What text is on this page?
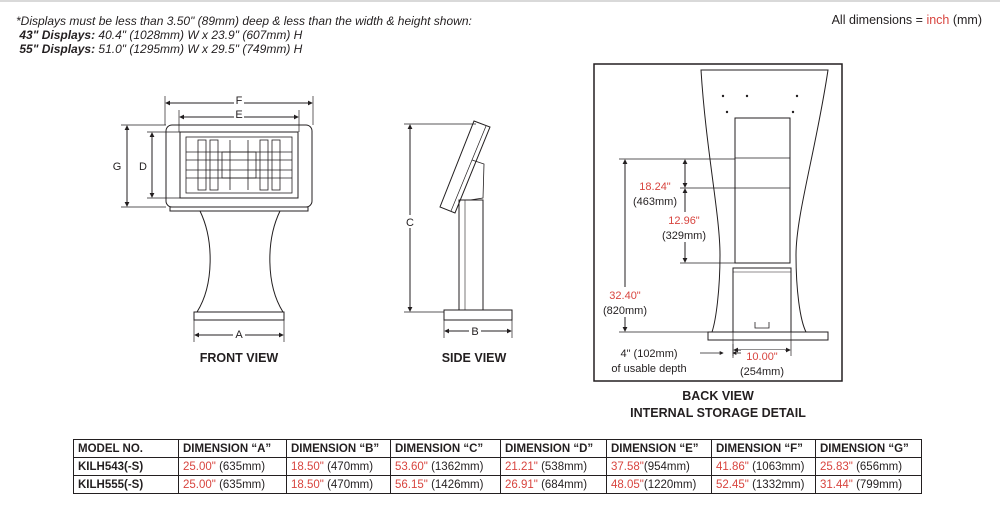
*Displays must be less than 3.50" (89mm) deep & less than the width & height shown:
43" Displays: 40.4" (1028mm) W x 23.9" (607mm) H
55" Displays: 51.0" (1295mm) W x 29.5" (749mm) H
All dimensions = inch (mm)
F
E
G D
A
FRONT VIEW
C
B
SIDE VIEW
18.24"
(463mm)
12.96"
(329mm)
32.40"
(820mm)
4" (102mm)
of usable depth
10.00"
(254mm)
BACK VIEW
INTERNAL STORAGE DETAIL
MODEL NO.	DIMENSION “A”	DIMENSION “B”	DIMENSION “C”	DIMENSION “D”	DIMENSION “E”	DIMENSION “F”	DIMENSION “G”
KILH543(-S)	25.00" (635mm)	18.50" (470mm)	53.60" (1362mm)	21.21" (538mm)	37.58"(954mm)	41.86" (1063mm)	25.83" (656mm)
KILH555(-S)	25.00" (635mm)	18.50" (470mm)	56.15" (1426mm)	26.91" (684mm)	48.05"(1220mm)	52.45" (1332mm)	31.44" (799mm)
